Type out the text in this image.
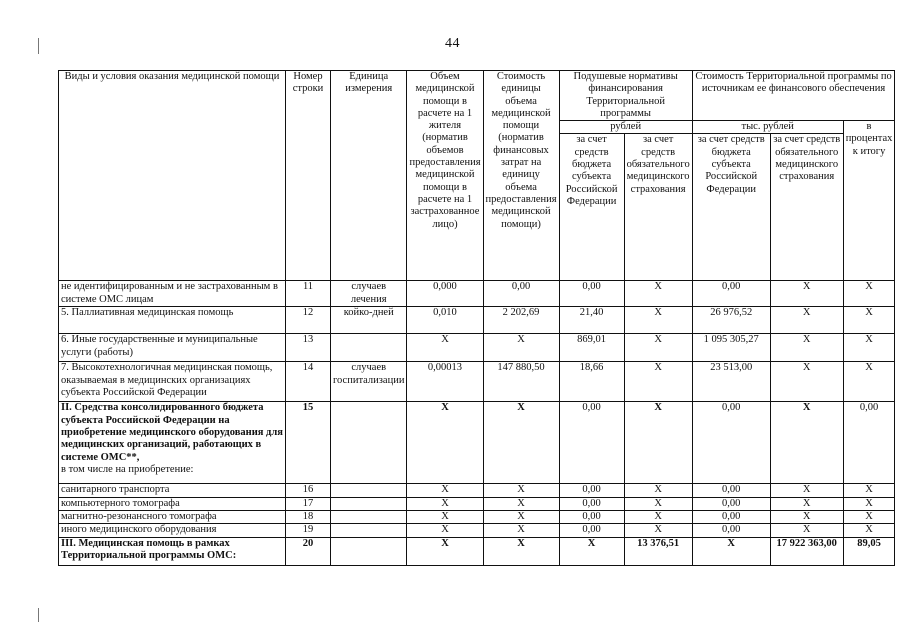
44
Виды и условия оказания медицинской помощи	Номер строки	Единица измерения	Объем медицинской помощи в расчете на 1 жителя (норматив объемов предоставления медицинской помощи в расчете на 1 застрахованное лицо)	Стоимость единицы объема медицинской помощи (норматив финансовых затрат на единицу объема предоставления медицинской помощи)	Подушевые нормативы финансирования Территориальной программы		Стоимость Территориальной программы по источникам ее финансового обеспечения		
					рублей		тыс. рублей		в процентах к итогу
					за счет средств бюджета субъекта Российской Федерации	за счет средств обязательного медицинского страхования	за счет средств бюджета субъекта Российской Федерации	за счет средств обязательного медицинского страхования	
не идентифицированным и не застрахованным в системе ОМС лицам	11	случаев лечения	0,000	0,00	0,00	Х	0,00	Х	Х
5. Паллиативная медицинская помощь	12	койко-дней	0,010	2 202,69	21,40	Х	26 976,52	Х	Х
6. Иные государственные и муниципальные услуги (работы)	13		Х	Х	869,01	Х	1 095 305,27	Х	Х
7. Высокотехнологичная медицинская помощь, оказываемая в медицинских организациях субъекта Российской Федерации	14	случаев госпитализации	0,00013	147 880,50	18,66	Х	23 513,00	Х	Х
II. Средства консолидированного бюджета субъекта Российской Федерации на приобретение медицинского оборудования для медицинских организаций, работающих в системе ОМС**,
в том числе на приобретение:	15		Х	Х	0,00	Х	0,00	Х	0,00
санитарного транспорта	16		Х	Х	0,00	Х	0,00	Х	Х
компьютерного томографа	17		Х	Х	0,00	Х	0,00	Х	Х
магнитно-резонансного томографа	18		Х	Х	0,00	Х	0,00	Х	Х
иного медицинского оборудования	19		Х	Х	0,00	Х	0,00	Х	Х
III. Медицинская помощь в рамках Территориальной программы ОМС:	20		Х	Х	Х	13 376,51	Х	17 922 363,00	89,05
